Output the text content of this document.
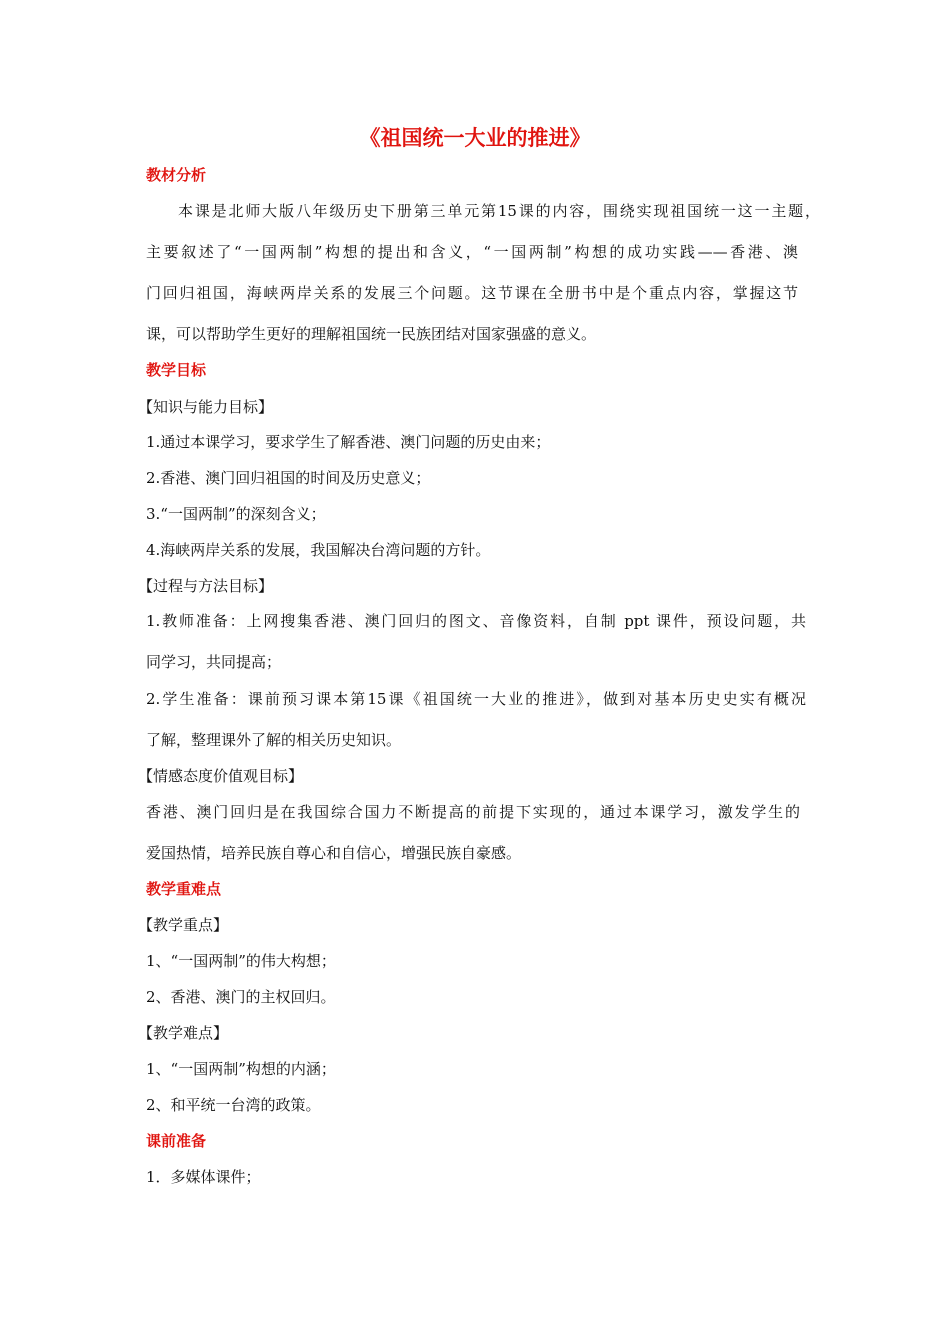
《祖国统一大业的推进》
教材分析
本课是北师大版八年级历史下册第三单元第15课的内容，围绕实现祖国统一这一主题，
主要叙述了“一国两制”构想的提出和含义，“一国两制”构想的成功实践——香港、澳
门回归祖国，海峡两岸关系的发展三个问题。这节课在全册书中是个重点内容，掌握这节
课，可以帮助学生更好的理解祖国统一民族团结对国家强盛的意义。
教学目标
【知识与能力目标】
1.通过本课学习，要求学生了解香港、澳门问题的历史由来；
2.香港、澳门回归祖国的时间及历史意义；
3.“一国两制”的深刻含义；
4.海峡两岸关系的发展，我国解决台湾问题的方针。
【过程与方法目标】
1.教师准备：上网搜集香港、澳门回归的图文、音像资料，自制 ppt 课件，预设问题，共
同学习，共同提高；
2.学生准备：课前预习课本第15课《祖国统一大业的推进》，做到对基本历史史实有概况
了解，整理课外了解的相关历史知识。
【情感态度价值观目标】
香港、澳门回归是在我国综合国力不断提高的前提下实现的，通过本课学习，激发学生的
爱国热情，培养民族自尊心和自信心，增强民族自豪感。
教学重难点
【教学重点】
1、“一国两制”的伟大构想；
2、香港、澳门的主权回归。
【教学难点】
1、“一国两制”构想的内涵；
2、和平统一台湾的政策。
课前准备
1．多媒体课件；
